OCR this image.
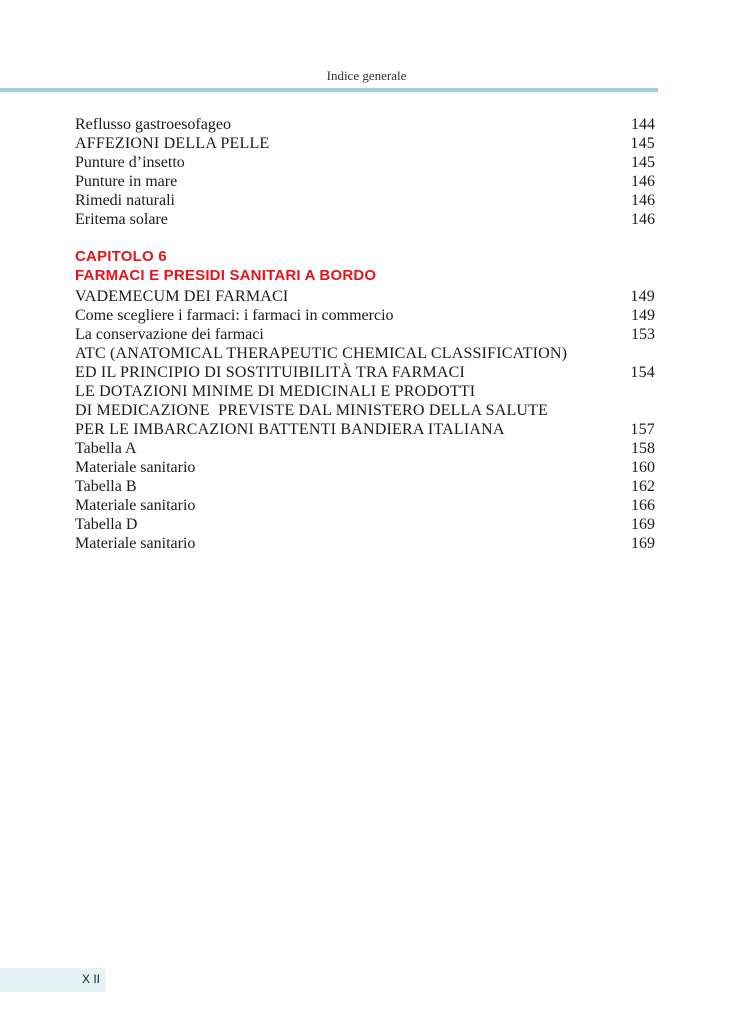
Indice generale
Reflusso gastroesofageo	144
AFFEZIONI DELLA PELLE	145
Punture d’insetto	145
Punture in mare	146
Rimedi naturali	146
Eritema solare	146
CAPITOLO 6
FARMACI E PRESIDI SANITARI A BORDO
VADEMECUM DEI FARMACI	149
Come scegliere i farmaci: i farmaci in commercio	149
La conservazione dei farmaci	153
ATC (ANATOMICAL THERAPEUTIC CHEMICAL CLASSIFICATION)
ED IL PRINCIPIO DI SOSTITUIBILITÀ TRA FARMACI	154
LE DOTAZIONI MINIME DI MEDICINALI E PRODOTTI
DI MEDICAZIONE  PREVISTE DAL MINISTERO DELLA SALUTE
PER LE IMBARCAZIONI BATTENTI BANDIERA ITALIANA	157
Tabella A	158
Materiale sanitario	160
Tabella B	162
Materiale sanitario	166
Tabella D	169
Materiale sanitario	169
X II
